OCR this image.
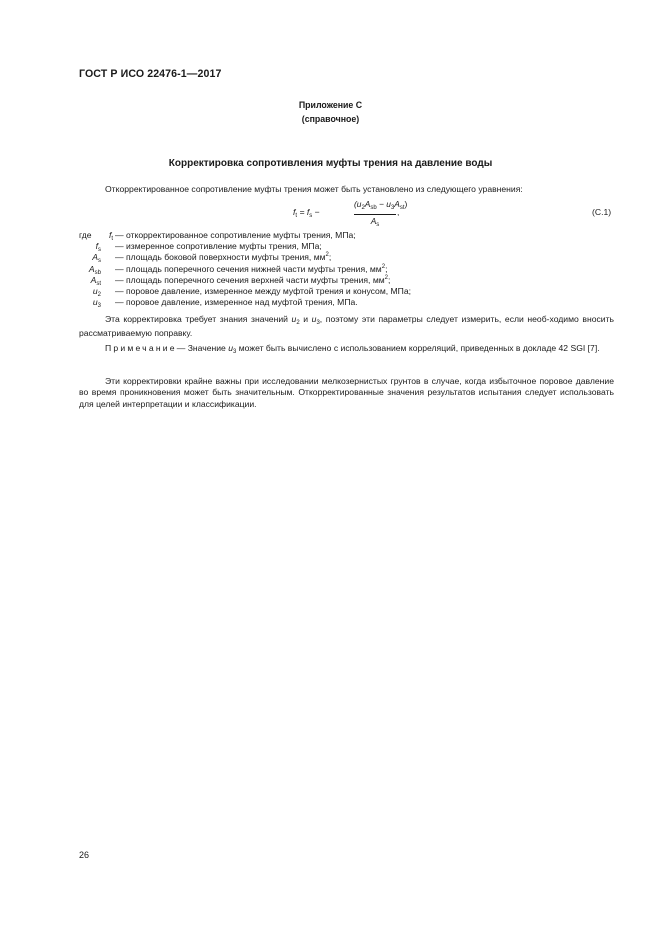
ГОСТ Р ИСО 22476-1—2017
Приложение С
(справочное)
Корректировка сопротивления муфты трения на давление воды
Откорректированное сопротивление муфты трения может быть установлено из следующего уравнения:
$f_t = f_s$ −
$(u_2A_{sb} - u_3A_{st})$
$A_s$
,	(C.1)
где	$f_t$ — откорректированное сопротивление муфты трения, МПа;
$f_s$ — измеренное сопротивление муфты трения, МПа;
$A_s$ — площадь боковой поверхности муфты трения, $мм^2$;
$A_{sb}$ — площадь поперечного сечения нижней части муфты трения, $мм^2$;
$A_{st}$ — площадь поперечного сечения верхней части муфты трения, $мм^2$;
$u_2$ — поровое давление, измеренное между муфтой трения и конусом, МПа;
$u_3$ — поровое давление, измеренное над муфтой трения, МПа.
Эта корректировка требует знания значений $u_2$ и $u_3$, поэтому эти параметры следует измерить, если необ-ходимо вносить рассматриваемую поправку.
Примечание— Значение $u_3$ может быть вычислено с использованием корреляций, приведенных в докладе 42 SGI [7].
Эти корректировки крайне важны при исследовании мелкозернистых грунтов в случае, когда избыточное поровое давление во время проникновения может быть значительным. Откорректированные значения результатов испытания следует использовать для целей интерпретации и классификации.
26
